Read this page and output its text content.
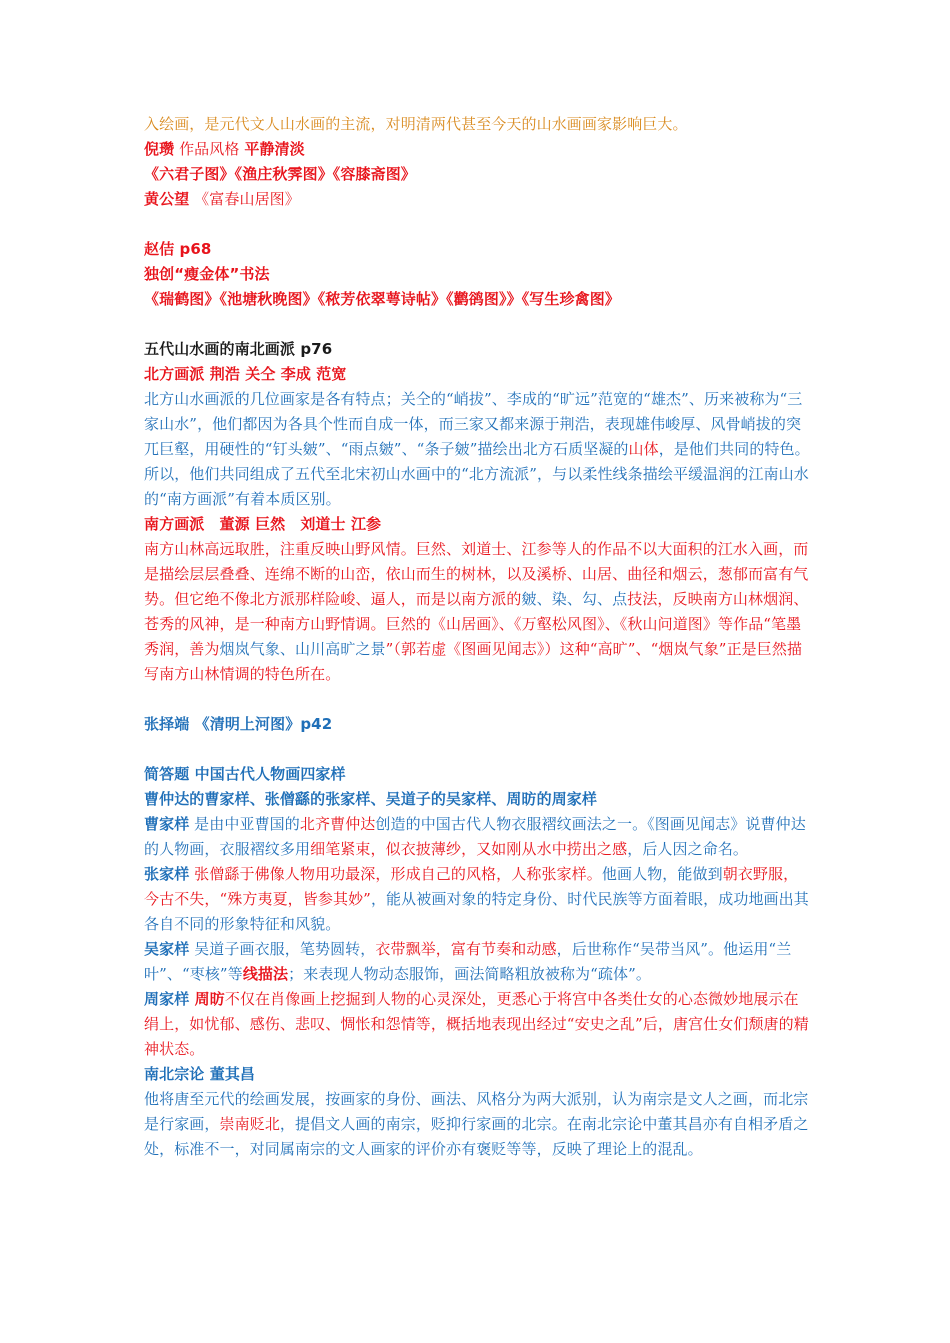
入绘画，是元代文人山水画的主流，对明清两代甚至今天的山水画画家影响巨大。

倪瓒 作品风格 平静清淡

《六君子图》《渔庄秋霁图》《容膝斋图》

黄公望 《富春山居图》

赵佶 p68

独创“瘦金体”书法

《瑞鹤图》《池塘秋晚图》《秾芳依翠萼诗帖》《鹳鹆图》》《写生珍禽图》

五代山水画的南北画派 p76

北方画派 荆浩 关仝 李成 范宽

北方山水画派的几位画家是各有特点；关仝的“峭拔”、李成的“旷远”范宽的“雄杰”、历来被称为“三家山水”，他们都因为各具个性而自成一体，而三家又都来源于荆浩，表现雄伟峻厚、风骨峭拔的突兀巨壑，用硬性的“钉头皴”、“雨点皴”、“条子皴”描绘出北方石质坚凝的山体，是他们共同的特色。所以，他们共同组成了五代至北宋初山水画中的“北方流派”，与以柔性线条描绘平缓温润的江南山水的“南方画派”有着本质区别。

南方画派　董源 巨然　刘道士 江参

南方山林高远取胜，注重反映山野风情。巨然、刘道士、江参等人的作品不以大面积的江水入画，而是描绘层层叠叠、连绵不断的山峦，依山而生的树林，以及溪桥、山居、曲径和烟云，葱郁而富有气势。但它绝不像北方派那样险峻、逼人，而是以南方派的皴、染、勾、点技法，反映南方山林烟润、苍秀的风神，是一种南方山野情调。巨然的《山居画》、《万壑松风图》、《秋山问道图》等作品“笔墨秀润，善为烟岚气象、山川高旷之景”（郭若虚《图画见闻志》）这种“高旷”、“烟岚气象”正是巨然描写南方山林情调的特色所在。

张择端 《清明上河图》p42

简答题 中国古代人物画四家样

曹仲达的曹家样、张僧繇的张家样、吴道子的吴家样、周昉的周家样

曹家样 是由中亚曹国的北齐曹仲达创造的中国古代人物衣服褶纹画法之一。《图画见闻志》说曹仲达的人物画，衣服褶纹多用细笔紧束，似衣披薄纱，又如刚从水中捞出之感，后人因之命名。

张家样 张僧繇于佛像人物用功最深，形成自己的风格，人称张家样。他画人物，能做到朝衣野服，今古不失，“殊方夷夏，皆参其妙”，能从被画对象的特定身份、时代民族等方面着眼，成功地画出其各自不同的形象特征和风貌。

吴家样 吴道子画衣服，笔势圆转，衣带飘举，富有节奏和动感，后世称作“吴带当风”。他运用“兰叶”、“枣核”等线描法；来表现人物动态服饰，画法简略粗放被称为“疏体”。

周家样 周昉不仅在肖像画上挖掘到人物的心灵深处，更悉心于将宫中各类仕女的心态微妙地展示在绢上，如忧郁、感伤、悲叹、惆怅和怨情等，概括地表现出经过“安史之乱”后，唐宫仕女们颓唐的精神状态。

南北宗论 董其昌

他将唐至元代的绘画发展，按画家的身份、画法、风格分为两大派别，认为南宗是文人之画，而北宗是行家画，崇南贬北，提倡文人画的南宗，贬抑行家画的北宗。在南北宗论中董其昌亦有自相矛盾之处，标准不一，对同属南宗的文人画家的评价亦有褒贬等等，反映了理论上的混乱。
